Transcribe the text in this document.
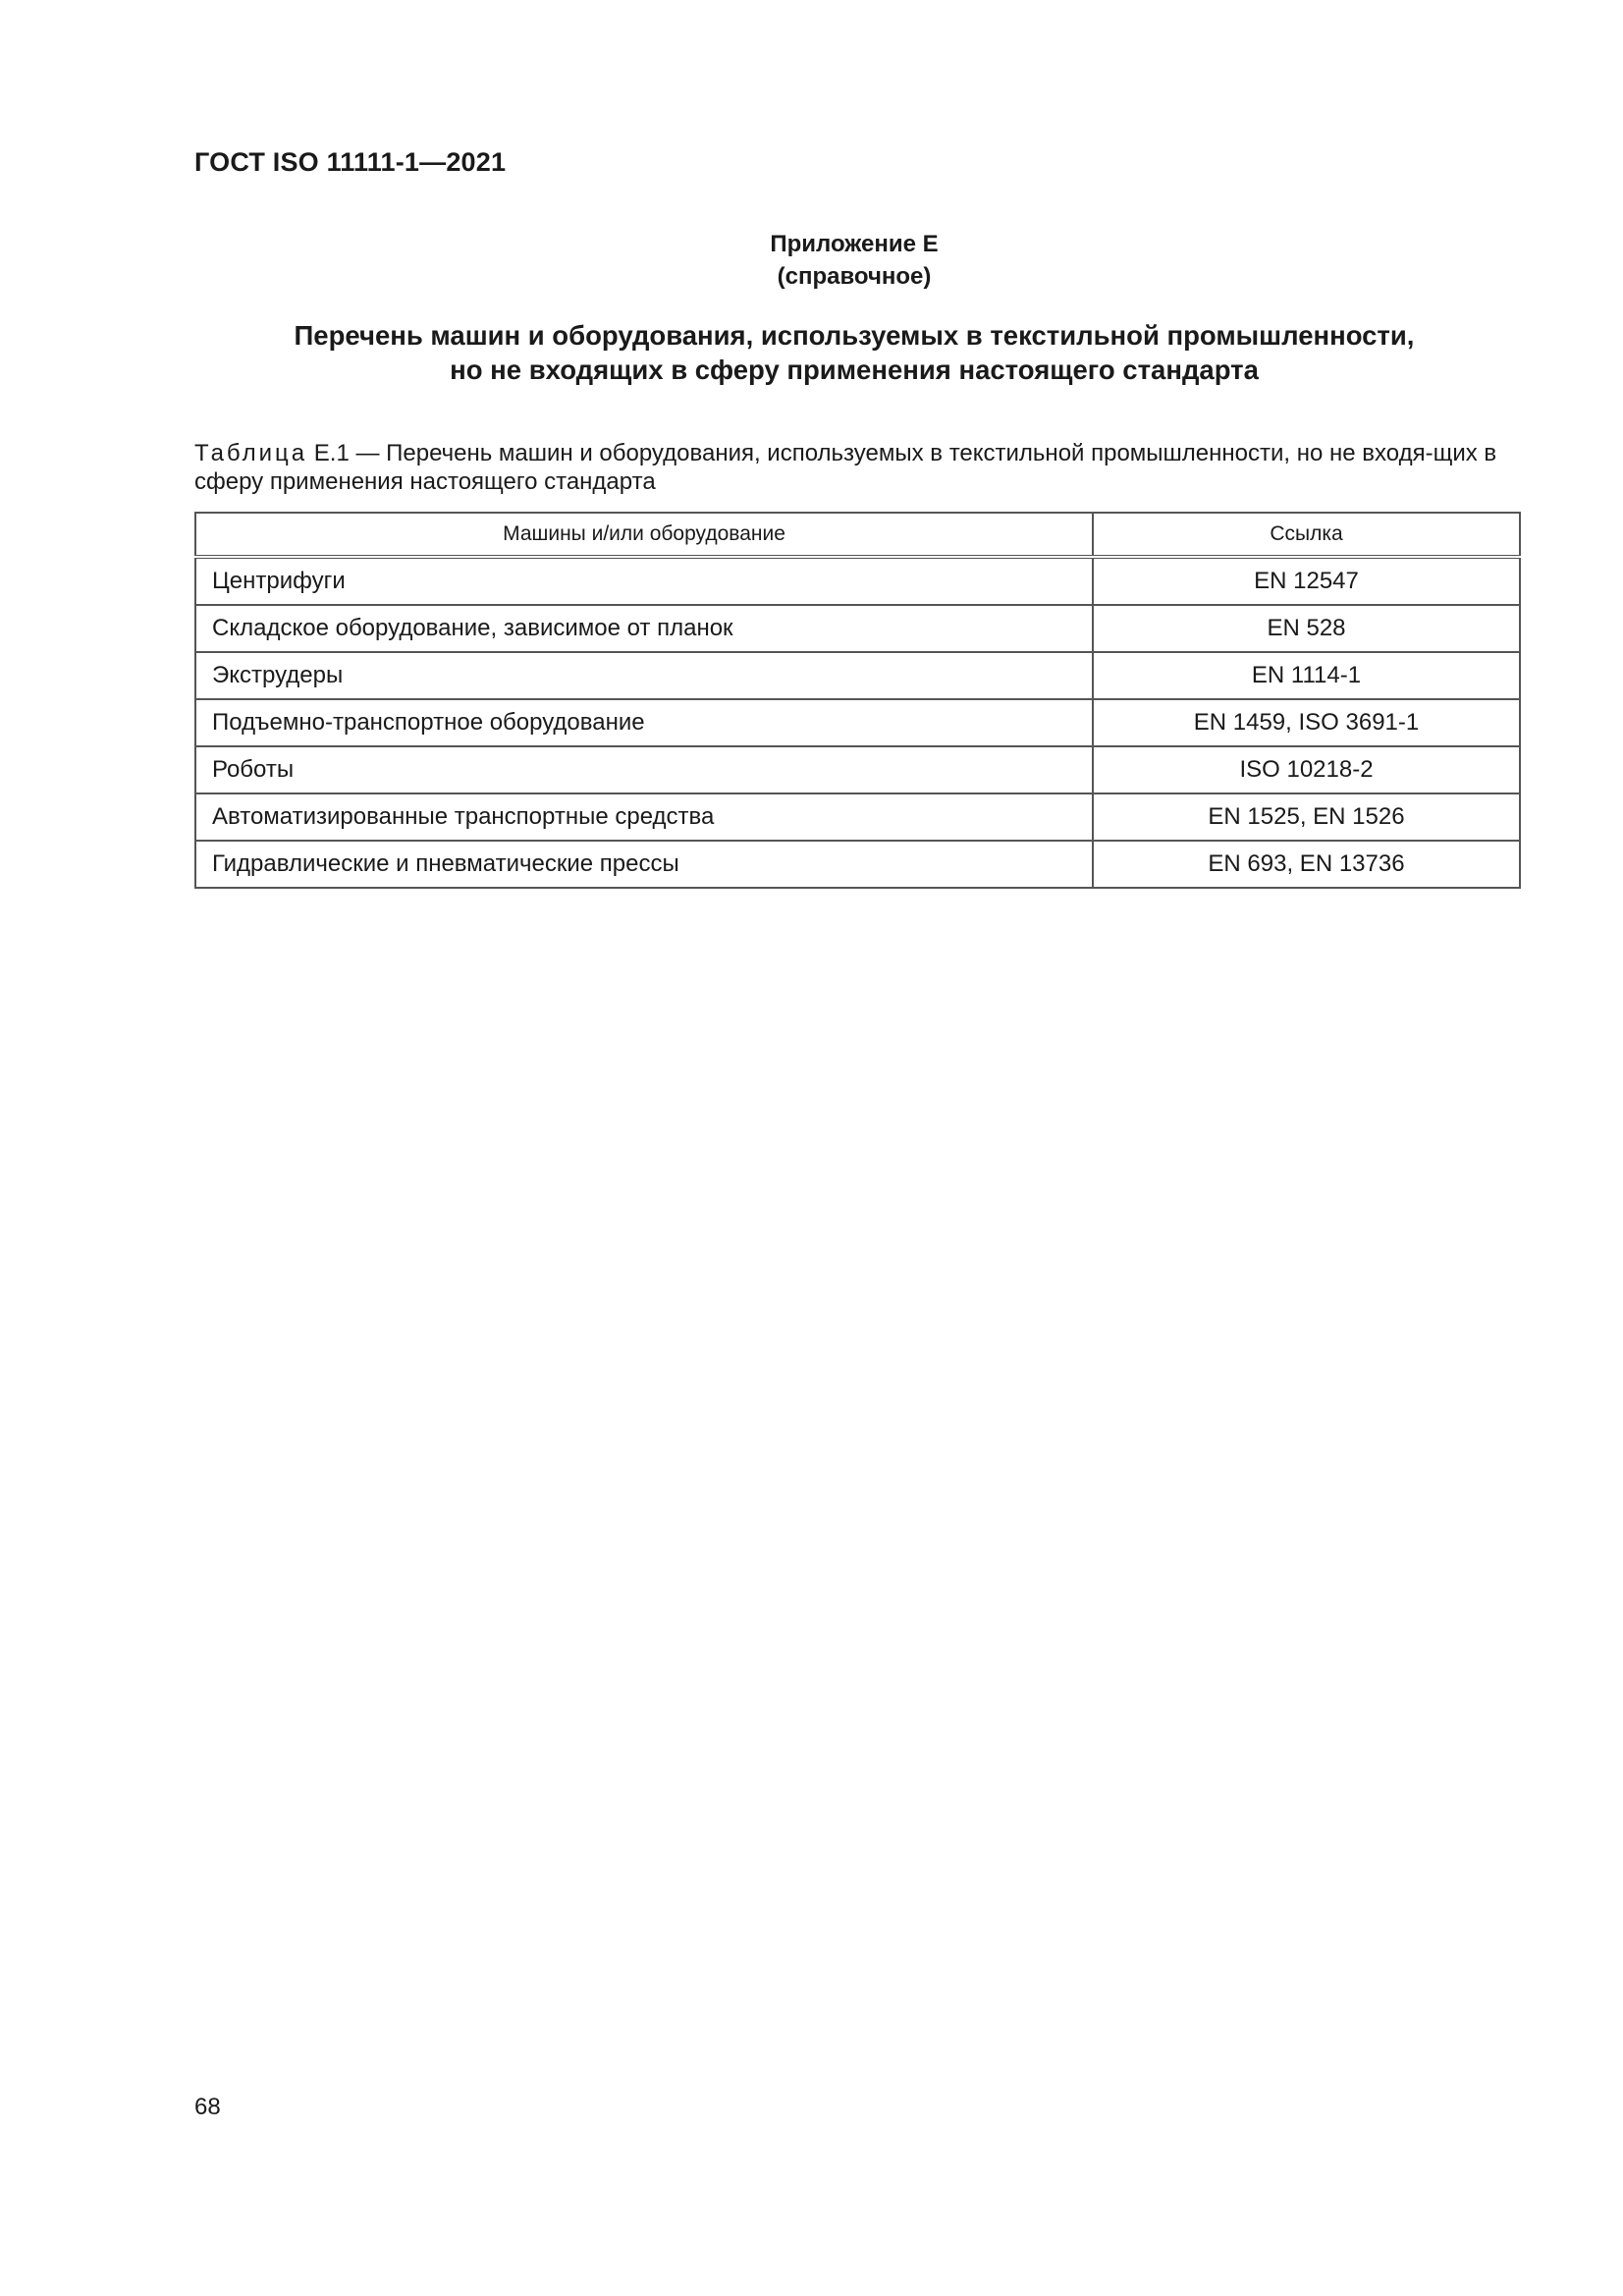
ГОСТ ISO 11111-1—2021
Приложение Е
(справочное)
Перечень машин и оборудования, используемых в текстильной промышленности,
но не входящих в сферу применения настоящего стандарта
Таблица Е.1 — Перечень машин и оборудования, используемых в текстильной промышленности, но не входя-щих в сферу применения настоящего стандарта
Машины и/или оборудование	Ссылка
Центрифуги	EN 12547
Складское оборудование, зависимое от планок	EN 528
Экструдеры	EN 1114-1
Подъемно-транспортное оборудование	EN 1459, ISO 3691-1
Роботы	ISO 10218-2
Автоматизированные транспортные средства	EN 1525, EN 1526
Гидравлические и пневматические прессы	EN 693, EN 13736
68
